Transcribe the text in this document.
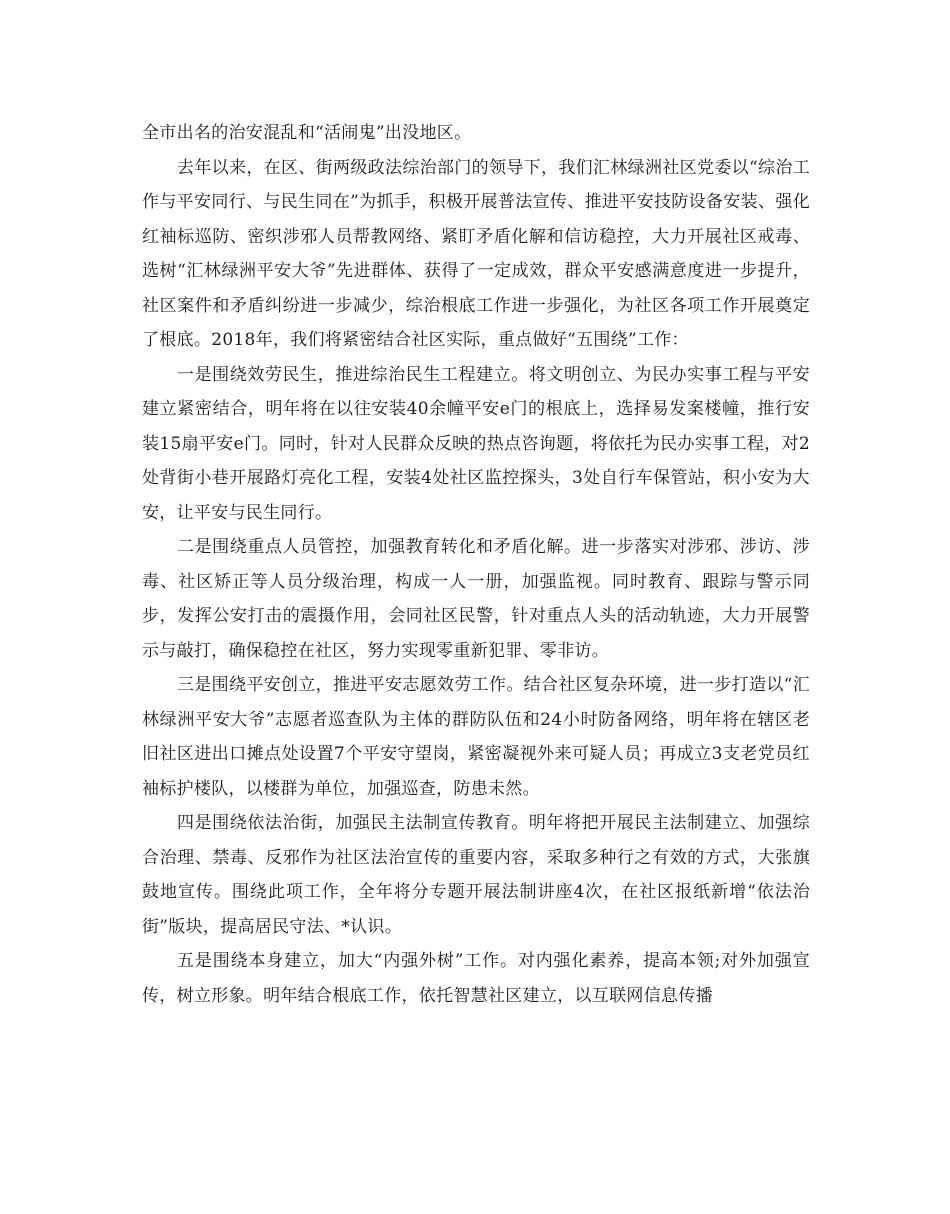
全市出名的治安混乱和“活闹鬼”出没地区。

去年以来，在区、街两级政法综治部门的领导下，我们汇林绿洲社区党委以“综治工作与平安同行、与民生同在”为抓手，积极开展普法宣传、推进平安技防设备安装、强化红袖标巡防、密织涉邪人员帮教网络、紧盯矛盾化解和信访稳控，大力开展社区戒毒、选树“汇林绿洲平安大爷”先进群体、获得了一定成效，群众平安感满意度进一步提升，社区案件和矛盾纠纷进一步减少，综治根底工作进一步强化，为社区各项工作开展奠定了根底。2018年，我们将紧密结合社区实际，重点做好“五围绕”工作：

一是围绕效劳民生，推进综治民生工程建立。将文明创立、为民办实事工程与平安建立紧密结合，明年将在以往安装40余幢平安e门的根底上，选择易发案楼幢，推行安装15扇平安e门。同时，针对人民群众反映的热点咨询题，将依托为民办实事工程，对2处背街小巷开展路灯亮化工程，安装4处社区监控探头，3处自行车保管站，积小安为大安，让平安与民生同行。

二是围绕重点人员管控，加强教育转化和矛盾化解。进一步落实对涉邪、涉访、涉毒、社区矫正等人员分级治理，构成一人一册，加强监视。同时教育、跟踪与警示同步，发挥公安打击的震摄作用，会同社区民警，针对重点人头的活动轨迹，大力开展警示与敲打，确保稳控在社区，努力实现零重新犯罪、零非访。

三是围绕平安创立，推进平安志愿效劳工作。结合社区复杂环境，进一步打造以“汇林绿洲平安大爷”志愿者巡查队为主体的群防队伍和24小时防备网络，明年将在辖区老旧社区进出口摊点处设置7个平安守望岗，紧密凝视外来可疑人员；再成立3支老党员红袖标护楼队，以楼群为单位，加强巡查，防患未然。

四是围绕依法治街，加强民主法制宣传教育。明年将把开展民主法制建立、加强综合治理、禁毒、反邪作为社区法治宣传的重要内容，采取多种行之有效的方式，大张旗鼓地宣传。围绕此项工作，全年将分专题开展法制讲座4次，在社区报纸新增“依法治街”版块，提高居民守法、*认识。

五是围绕本身建立，加大“内强外树”工作。对内强化素养，提高本领;对外加强宣传，树立形象。明年结合根底工作，依托智慧社区建立，以互联网信息传播
